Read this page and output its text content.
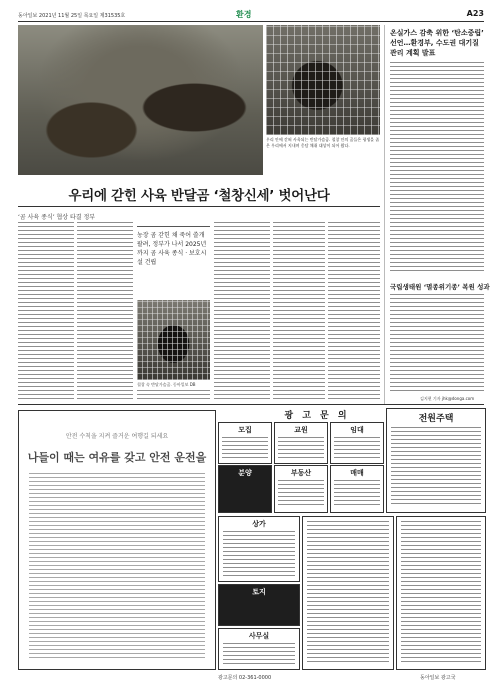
동아일보 2021년 11월 25일 목요일 제31535호	환경	A23
우리 안에 갇혀 사육되는 반달가슴곰. 철창 안의 곰들은 평생을 좁은 우리에서 지내며 웅담 채취 대상이 되어 왔다.
우리에 갇힌 사육 반달곰 ‘철창신세’ 벗어난다
‘곰 사육 종식’ 협상 타결 정부
농장 곰 갇힌 채 죽어 쓸개 팔려, 정부가 나서 2025년까지 곰 사육 종식 · 보호시설 건립
철창 속 반달가슴곰. 동아일보 DB
온실가스 감축 위한 ‘탄소중립’ 선언…환경부, 수도권 대기질 관리 계획 발표
국립생태원 ‘멸종위기종’ 복원 성과
김지현 기자 jhk@donga.com
안전 수칙을 지켜 즐거운 여행길 되세요
나들이 때는 여유를 갖고 안전 운전을
광 고 문 의
모집
분양
교원
부동산
임대
매매
전원주택
상가
토지
사무실
광고문의 02-361-0000	동아일보 광고국
